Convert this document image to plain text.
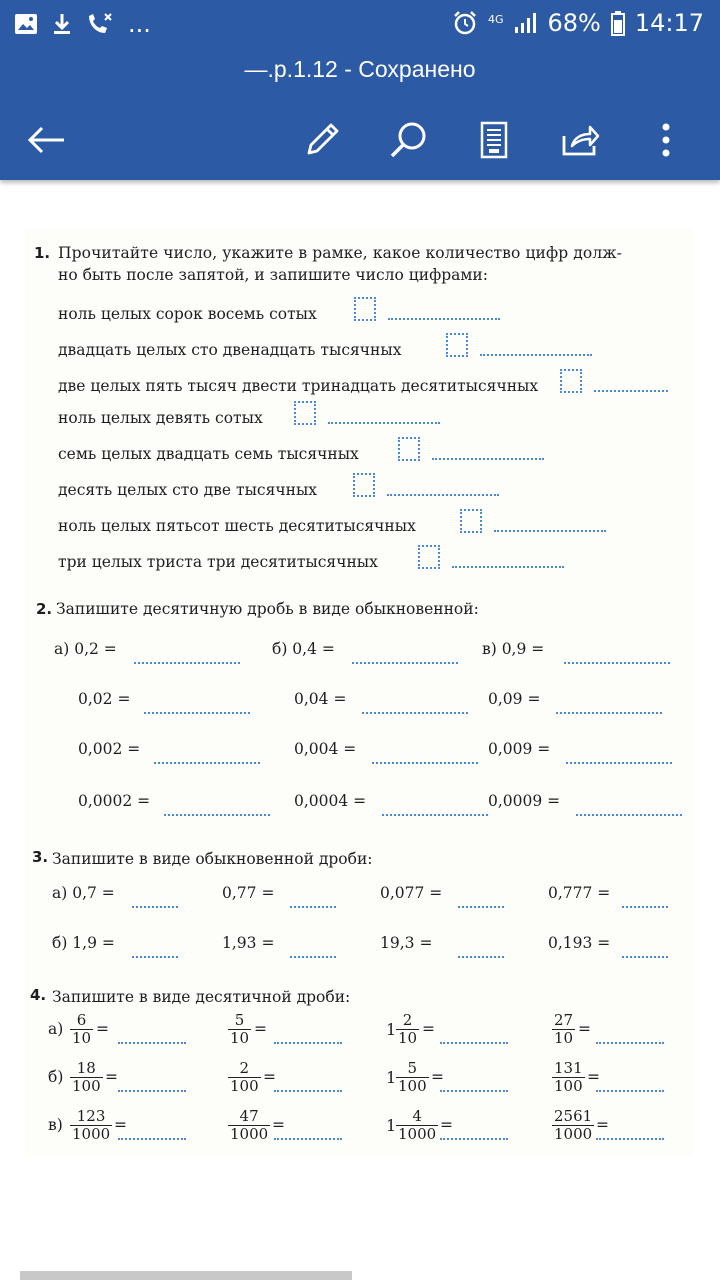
...	4G 68% 14:17
—.p.1.12 - Сохранено
1. Прочитайте число, укажите в рамке, какое количество цифр долж-
но быть после запятой, и запишите число цифрами:
ноль целых сорок восемь сотых
двадцать целых сто двенадцать тысячных
две целых пять тысяч двести тринадцать десятитысячных
ноль целых девять сотых
семь целых двадцать семь тысячных
десять целых сто две тысячных
ноль целых пятьсот шесть десятитысячных
три целых триста три десятитысячных
2. Запишите десятичную дробь в виде обыкновенной:
а) 0,2 =	б) 0,4 =	в) 0,9 =
0,02 =	0,04 =	0,09 =
0,002 =	0,004 =	0,009 =
0,0002 =	0,0004 =	0,0009 =
3. Запишите в виде обыкновенной дроби:
а) 0,7 =	0,77 =	0,077 =	0,777 =
б) 1,9 =	1,93 =	19,3 =	0,193 =
4. Запишите в виде десятичной дроби:
$а) \frac{6}{10}$ =	$\frac{5}{10}$ =	$1 \frac{2}{10}$ =	$\frac{27}{10}$ =
$б) \frac{18}{100}$ =	$\frac{2}{100}$ =	$1 \frac{5}{100}$ =	$\frac{131}{100}$ =
$в) \frac{123}{1000}$ =	$\frac{47}{1000}$ =	$1 \frac{4}{1000}$ =	$\frac{2561}{1000}$ =
